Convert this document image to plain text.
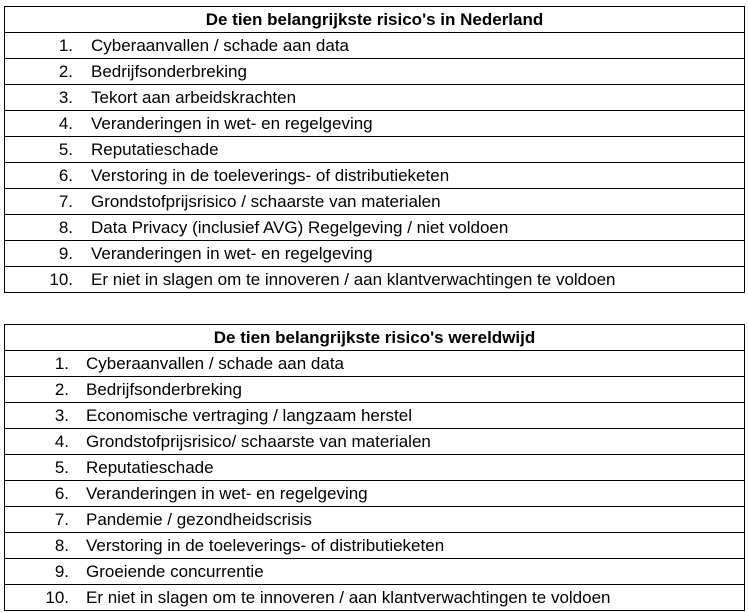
De tien belangrijkste risico's in Nederland

1. Cyberaanvallen / schade aan data

2. Bedrijfsonderbreking

3. Tekort aan arbeidskrachten

4. Veranderingen in wet- en regelgeving

5. Reputatieschade

6. Verstoring in de toeleverings- of distributieketen

7. Grondstofprijsrisico / schaarste van materialen

8. Data Privacy (inclusief AVG) Regelgeving / niet voldoen

9. Veranderingen in wet- en regelgeving

10. Er niet in slagen om te innoveren / aan klantverwachtingen te voldoen
De tien belangrijkste risico's wereldwijd

1. Cyberaanvallen / schade aan data

2. Bedrijfsonderbreking

3. Economische vertraging / langzaam herstel

4. Grondstofprijsrisico/ schaarste van materialen

5. Reputatieschade

6. Veranderingen in wet- en regelgeving

7. Pandemie / gezondheidscrisis

8. Verstoring in de toeleverings- of distributieketen

9. Groeiende concurrentie

10. Er niet in slagen om te innoveren / aan klantverwachtingen te voldoen
